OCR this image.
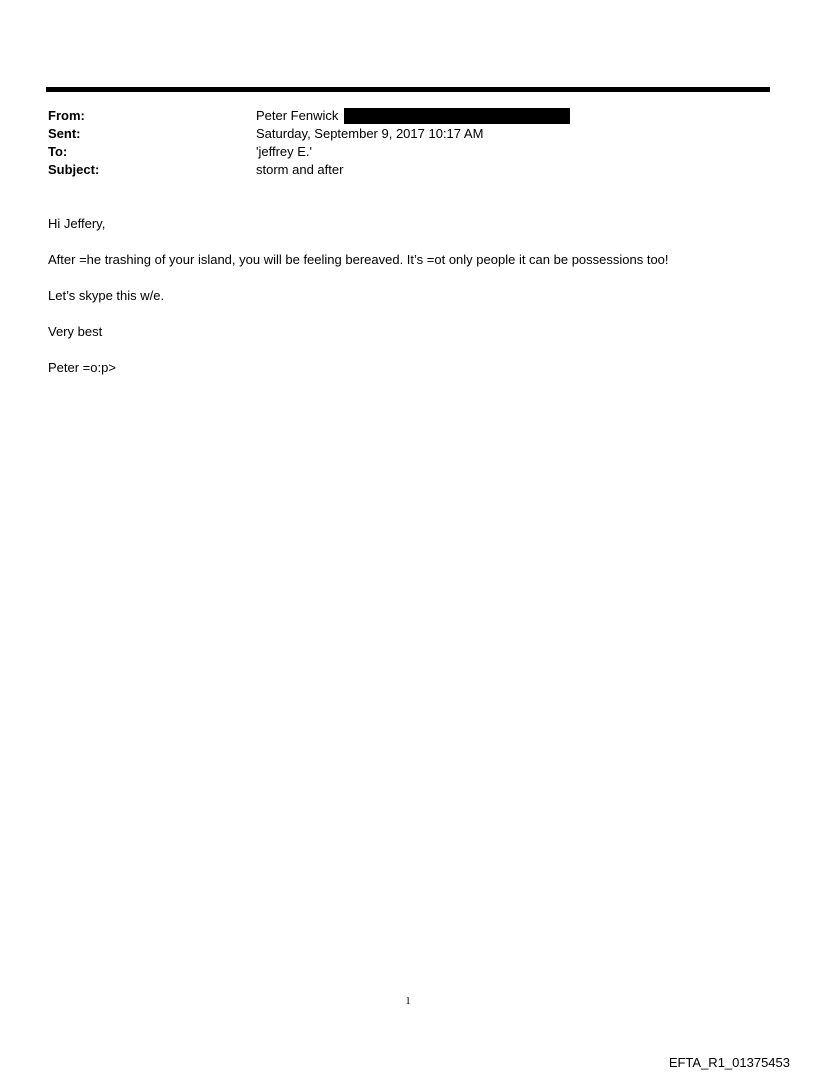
From:	Peter Fenwick
Sent:	Saturday, September 9, 2017 10:17 AM
To:	'jeffrey E.'
Subject:	storm and after

Hi Jeffery,

After =he trashing of your island, you will be feeling bereaved. It’s =ot only people it can be possessions too!

Let’s skype this w/e.

Very best

Peter =o:p>

1
EFTA_R1_01375453
